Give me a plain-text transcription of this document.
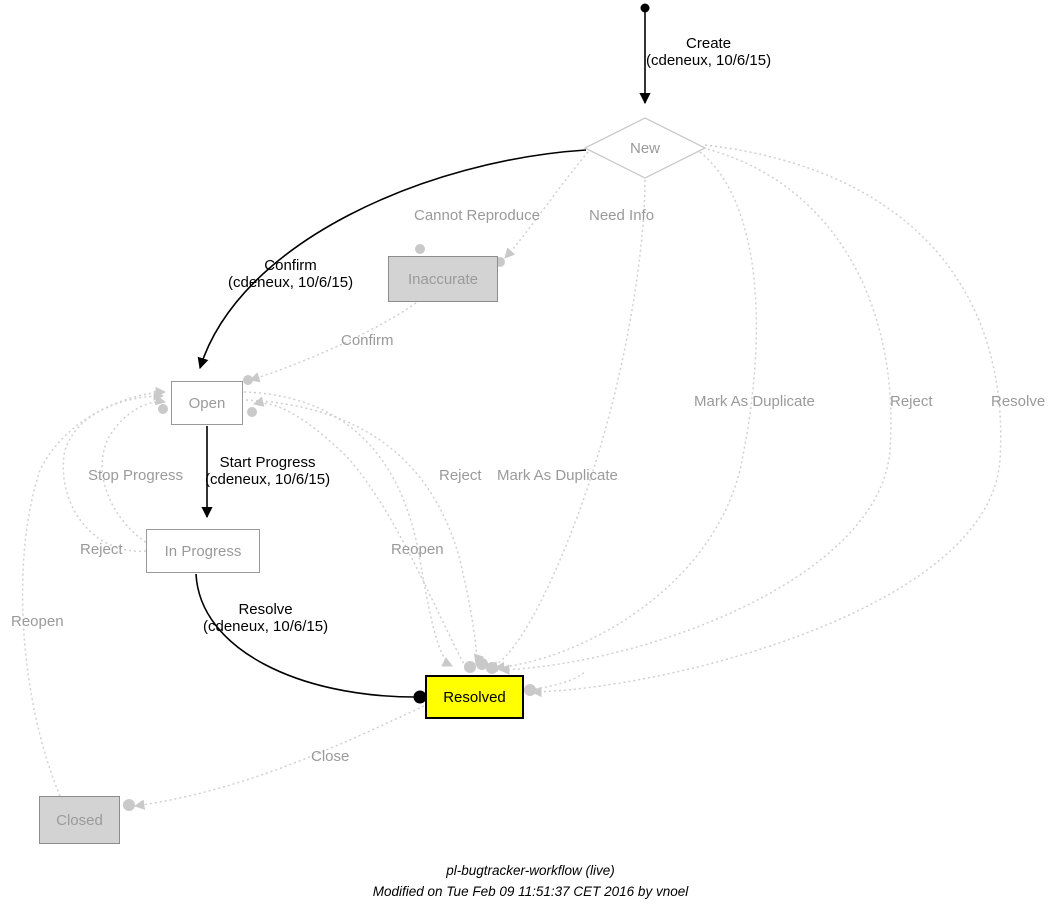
New
Inaccurate
Open
In Progress
Resolved
Closed
Create
(cdeneux, 10/6/15)
Cannot Reproduce	Need Info
Confirm
(cdeneux, 10/6/15)
Confirm
Mark As Duplicate	Reject	Resolve
Stop Progress
Start Progress
(cdeneux, 10/6/15)	Reject Mark As Duplicate
Reject	Reopen
Resolve
(cdeneux, 10/6/15)
Reopen
Close
pl-bugtracker-workflow (live)
Modified on Tue Feb 09 11:51:37 CET 2016 by vnoel
